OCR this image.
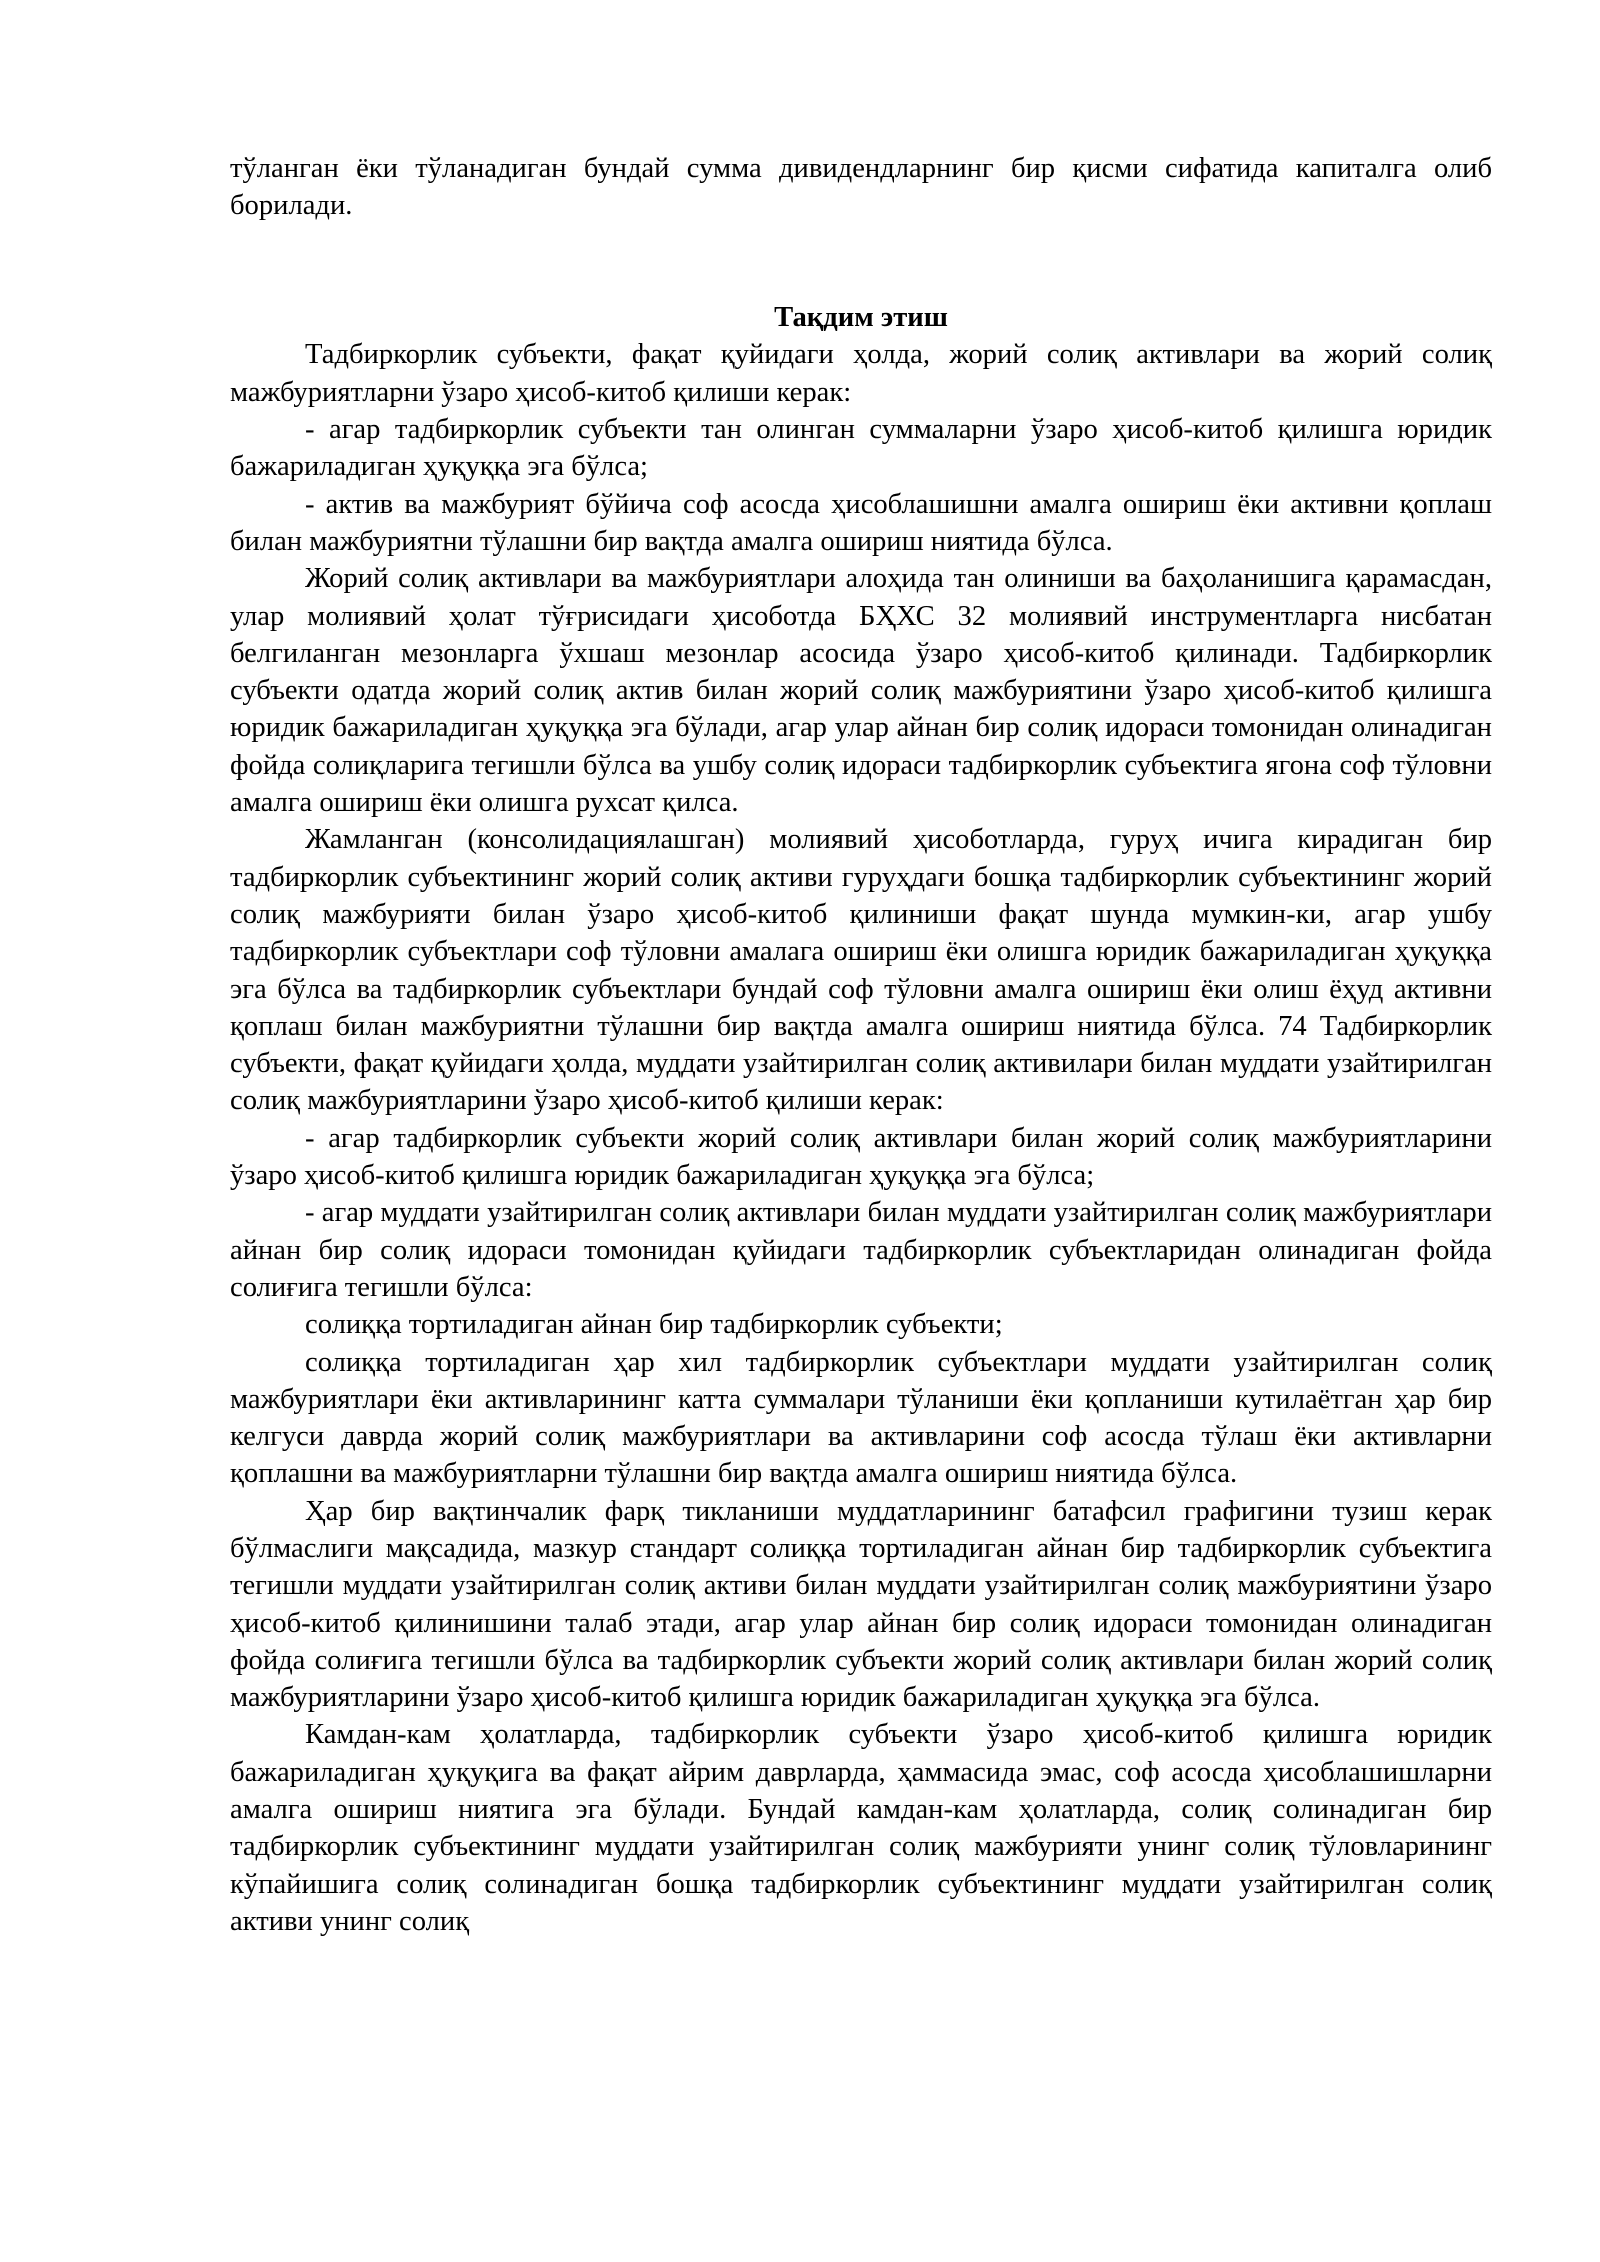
тўланган ёки тўланадиган бундай сумма дивидендларнинг бир қисми сифатида капиталга олиб борилади.

Тақдим этиш

Тадбиркорлик субъекти, фақат қуйидаги ҳолда, жорий солиқ активлари ва жорий солиқ мажбуриятларни ўзаро ҳисоб-китоб қилиши керак:

- агар тадбиркорлик субъекти тан олинган суммаларни ўзаро ҳисоб-китоб қилишга юридик бажариладиган ҳуқуққа эга бўлса;

- актив ва мажбурият бўйича соф асосда ҳисоблашишни амалга ошириш ёки активни қоплаш билан мажбуриятни тўлашни бир вақтда амалга ошириш ниятида бўлса.

Жорий солиқ активлари ва мажбуриятлари алоҳида тан олиниши ва баҳоланишига қарамасдан, улар молиявий ҳолат тўғрисидаги ҳисоботда БҲХС 32 молиявий инструментларга нисбатан белгиланган мезонларга ўхшаш мезонлар асосида ўзаро ҳисоб-китоб қилинади. Тадбиркорлик субъекти одатда жорий солиқ актив билан жорий солиқ мажбуриятини ўзаро ҳисоб-китоб қилишга юридик бажариладиган ҳуқуққа эга бўлади, агар улар айнан бир солиқ идораси томонидан олинадиган фойда солиқларига тегишли бўлса ва ушбу солиқ идораси тадбиркорлик субъектига ягона соф тўловни амалга ошириш ёки олишга рухсат қилса.

Жамланган (консолидациялашган) молиявий ҳисоботларда, гуруҳ ичига кирадиган бир тадбиркорлик субъектининг жорий солиқ активи гуруҳдаги бошқа тадбиркорлик субъектининг жорий солиқ мажбурияти билан ўзаро ҳисоб-китоб қилиниши фақат шунда мумкин-ки, агар ушбу тадбиркорлик субъектлари соф тўловни амалага ошириш ёки олишга юридик бажариладиган ҳуқуққа эга бўлса ва тадбиркорлик субъектлари бундай соф тўловни амалга ошириш ёки олиш ёҳуд активни қоплаш билан мажбуриятни тўлашни бир вақтда амалга ошириш ниятида бўлса. 74 Тадбиркорлик субъекти, фақат қуйидаги ҳолда, муддати узайтирилган солиқ активилари билан муддати узайтирилган солиқ мажбуриятларини ўзаро ҳисоб-китоб қилиши керак:

- агар тадбиркорлик субъекти жорий солиқ активлари билан жорий солиқ мажбуриятларини ўзаро ҳисоб-китоб қилишга юридик бажариладиган ҳуқуққа эга бўлса;

- агар муддати узайтирилган солиқ активлари билан муддати узайтирилган солиқ мажбуриятлари айнан бир солиқ идораси томонидан қуйидаги тадбиркорлик субъектларидан олинадиган фойда солиғига тегишли бўлса:

солиққа тортиладиган айнан бир тадбиркорлик субъекти;

солиққа тортиладиган ҳар хил тадбиркорлик субъектлари муддати узайтирилган солиқ мажбуриятлари ёки активларининг катта суммалари тўланиши ёки қопланиши кутилаётган ҳар бир келгуси даврда жорий солиқ мажбуриятлари ва активларини соф асосда тўлаш ёки активларни қоплашни ва мажбуриятларни тўлашни бир вақтда амалга ошириш ниятида бўлса.

Ҳар бир вақтинчалик фарқ тикланиши муддатларининг батафсил графигини тузиш керак бўлмаслиги мақсадида, мазкур стандарт солиққа тортиладиган айнан бир тадбиркорлик субъектига тегишли муддати узайтирилган солиқ активи билан муддати узайтирилган солиқ мажбуриятини ўзаро ҳисоб-китоб қилинишини талаб этади, агар улар айнан бир солиқ идораси томонидан олинадиган фойда солиғига тегишли бўлса ва тадбиркорлик субъекти жорий солиқ активлари билан жорий солиқ мажбуриятларини ўзаро ҳисоб-китоб қилишга юридик бажариладиган ҳуқуққа эга бўлса.

Камдан-кам ҳолатларда, тадбиркорлик субъекти ўзаро ҳисоб-китоб қилишга юридик бажариладиган ҳуқуқига ва фақат айрим даврларда, ҳаммасида эмас, соф асосда ҳисоблашишларни амалга ошириш ниятига эга бўлади. Бундай камдан-кам ҳолатларда, солиқ солинадиган бир тадбиркорлик субъектининг муддати узайтирилган солиқ мажбурияти унинг солиқ тўловларининг кўпайишига солиқ солинадиган бошқа тадбиркорлик субъектининг муддати узайтирилган солиқ активи унинг солиқ
